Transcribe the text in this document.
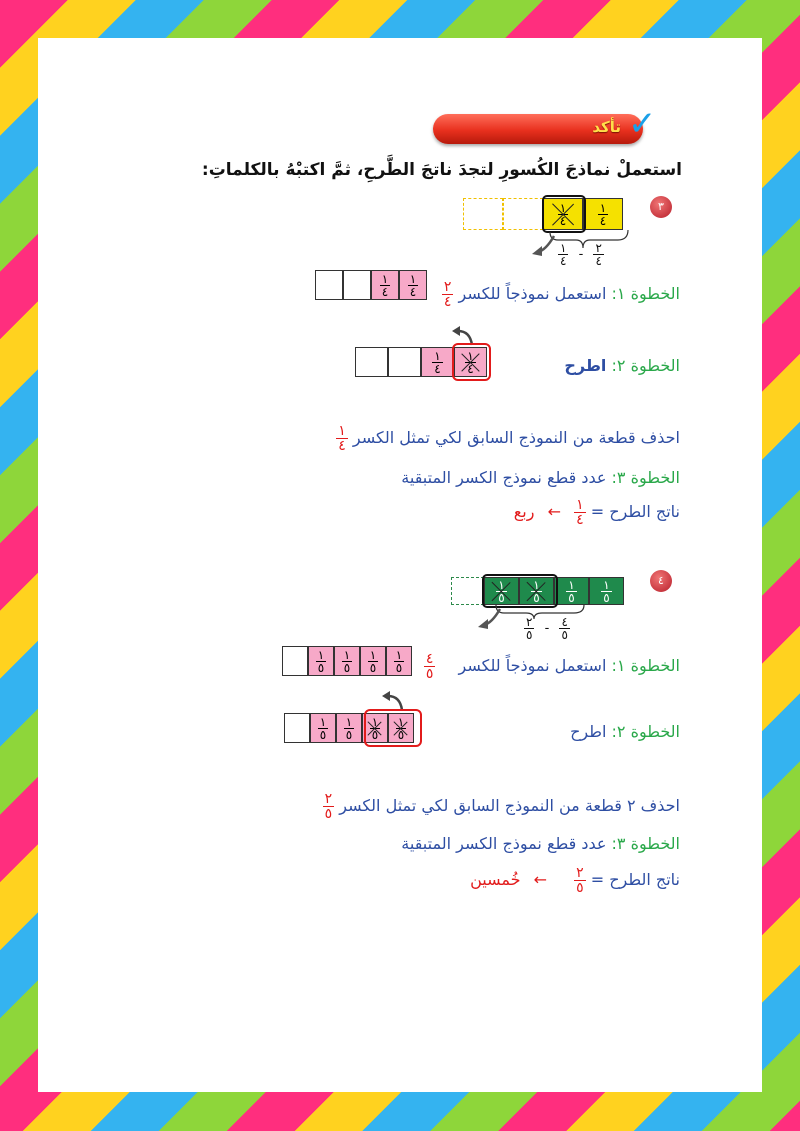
تأكد ✓
استعملْ نماذجَ الكُسورِ لتجدَ ناتجَ الطَّرحِ، ثمَّ اكتبْهُ بالكلماتِ:
٣
$\frac{١}{٤} \frac{١}{٤}$
$\frac{١}{٤} - \frac{٢}{٤}$
الخطوة ١: استعمل نموذجاً للكسر
$\frac{٢}{٤}$
$\frac{١}{٤} \frac{١}{٤}$
الخطوة ٢: اطرح
$\frac{١}{٤} \frac{١}{٤}$
احذف قطعة من النموذج السابق لكي تمثل الكسر
$\frac{١}{٤}$
الخطوة ٣: عدد قطع نموذج الكسر المتبقية
ناتج الطرح =
$\frac{١}{٤}$
← ربع
٤
$\frac{١}{٥} \frac{١}{٥} \frac{١}{٥} \frac{١}{٥}$
$\frac{٢}{٥} - \frac{٤}{٥}$
الخطوة ١: استعمل نموذجاً للكسر
$\frac{٤}{٥}$
$\frac{١}{٥} \frac{١}{٥} \frac{١}{٥} \frac{١}{٥}$
الخطوة ٢: اطرح
$\frac{١}{٥} \frac{١}{٥} \frac{١}{٥} \frac{١}{٥}$
احذف ٢ قطعة من النموذج السابق لكي تمثل الكسر
$\frac{٢}{٥}$
الخطوة ٣: عدد قطع نموذج الكسر المتبقية
ناتج الطرح =
$\frac{٢}{٥}$
← خُمسين
